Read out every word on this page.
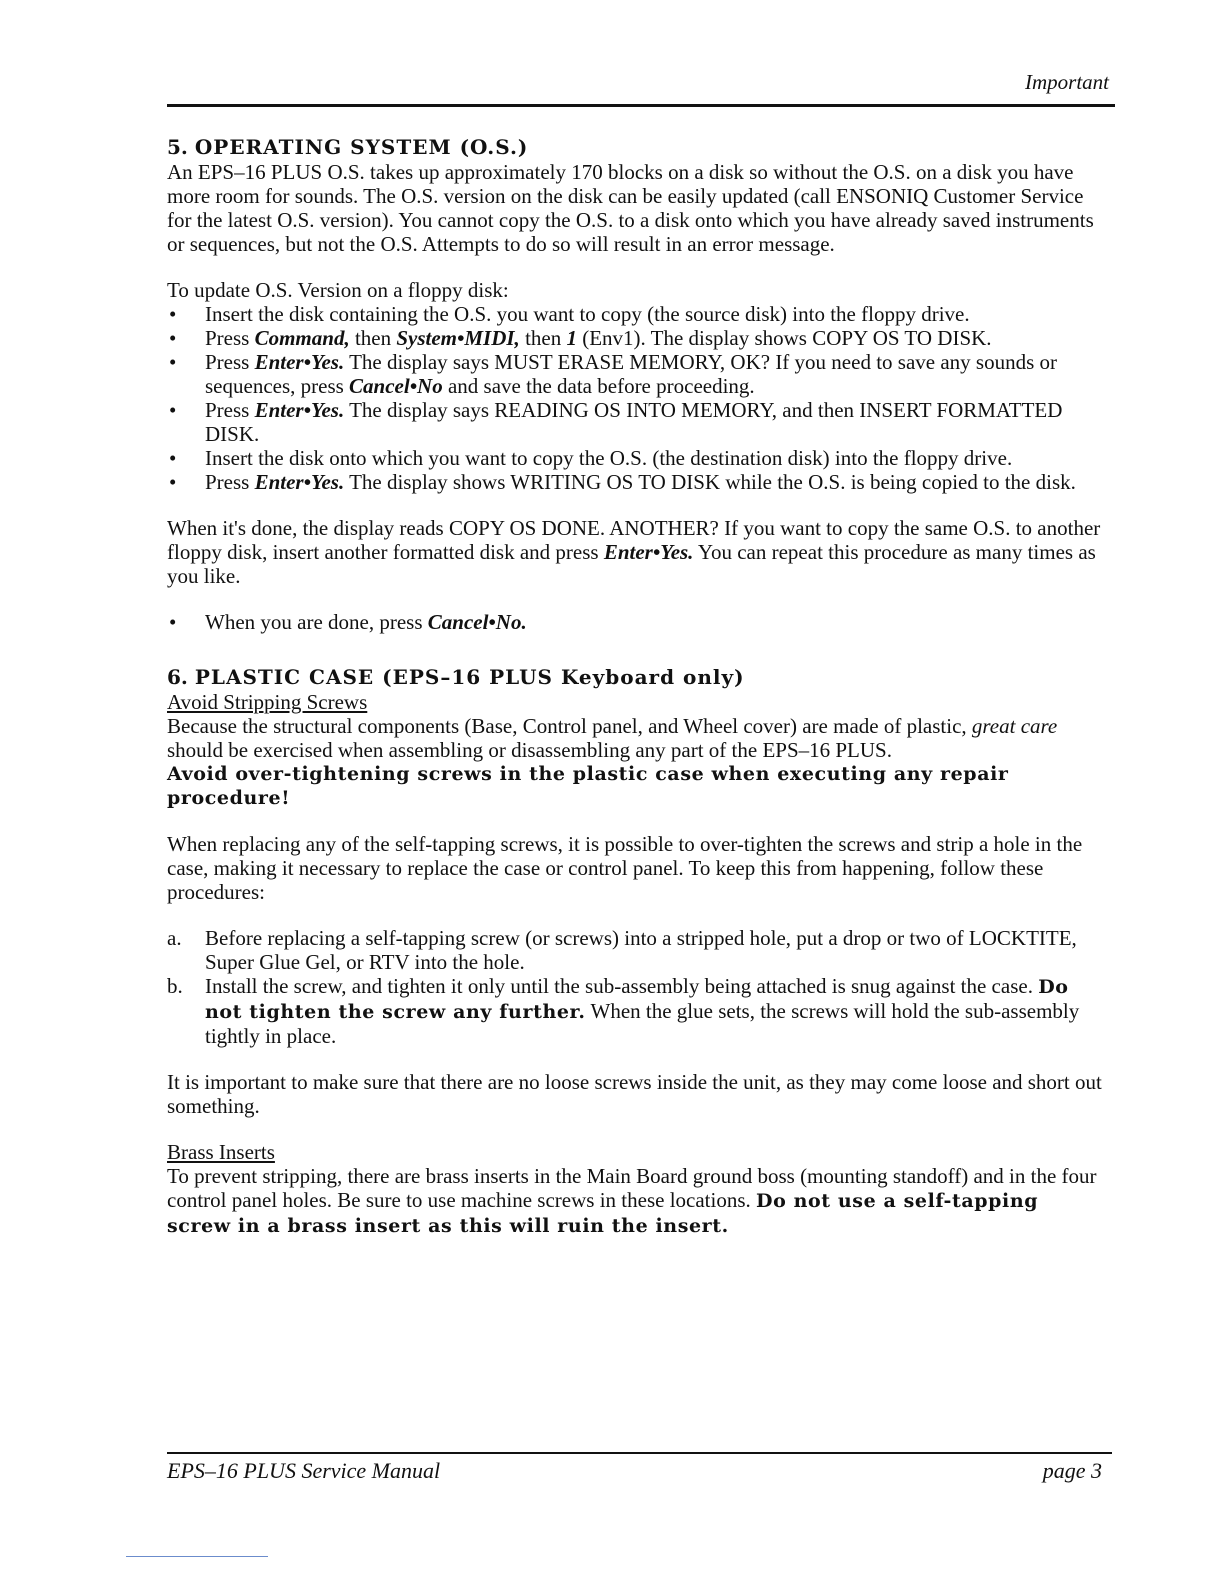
Important
5. OPERATING SYSTEM (O.S.)

An EPS–16 PLUS O.S. takes up approximately 170 blocks on a disk so without the O.S. on a disk you have more room for sounds. The O.S. version on the disk can be easily updated (call ENSONIQ Customer Service for the latest O.S. version). You cannot copy the O.S. to a disk onto which you have already saved instruments or sequences, but not the O.S. Attempts to do so will result in an error message.

To update O.S. Version on a floppy disk:

• Insert the disk containing the O.S. you want to copy (the source disk) into the floppy drive.
• Press Command, then System•MIDI, then 1 (Env1). The display shows COPY OS TO DISK.
• Press Enter•Yes. The display says MUST ERASE MEMORY, OK? If you need to save any sounds or sequences, press Cancel•No and save the data before proceeding.
• Press Enter•Yes. The display says READING OS INTO MEMORY, and then INSERT FORMATTED DISK.
• Insert the disk onto which you want to copy the O.S. (the destination disk) into the floppy drive.
• Press Enter•Yes. The display shows WRITING OS TO DISK while the O.S. is being copied to the disk.

When it's done, the display reads COPY OS DONE. ANOTHER? If you want to copy the same O.S. to another floppy disk, insert another formatted disk and press Enter•Yes. You can repeat this procedure as many times as you like.

• When you are done, press Cancel•No.
6. PLASTIC CASE (EPS–16 PLUS Keyboard only)

Avoid Stripping Screws

Because the structural components (Base, Control panel, and Wheel cover) are made of plastic, great care should be exercised when assembling or disassembling any part of the EPS–16 PLUS.

Avoid over-tightening screws in the plastic case when executing any repair procedure!

When replacing any of the self-tapping screws, it is possible to over-tighten the screws and strip a hole in the case, making it necessary to replace the case or control panel. To keep this from happening, follow these procedures:

a. Before replacing a self-tapping screw (or screws) into a stripped hole, put a drop or two of LOCKTITE, Super Glue Gel, or RTV into the hole.
b. Install the screw, and tighten it only until the sub-assembly being attached is snug against the case. Do not tighten the screw any further. When the glue sets, the screws will hold the sub-assembly tightly in place.

It is important to make sure that there are no loose screws inside the unit, as they may come loose and short out something.

Brass Inserts

To prevent stripping, there are brass inserts in the Main Board ground boss (mounting standoff) and in the four control panel holes. Be sure to use machine screws in these locations. Do not use a self-tapping screw in a brass insert as this will ruin the insert.

EPS–16 PLUS Service Manual	page 3
